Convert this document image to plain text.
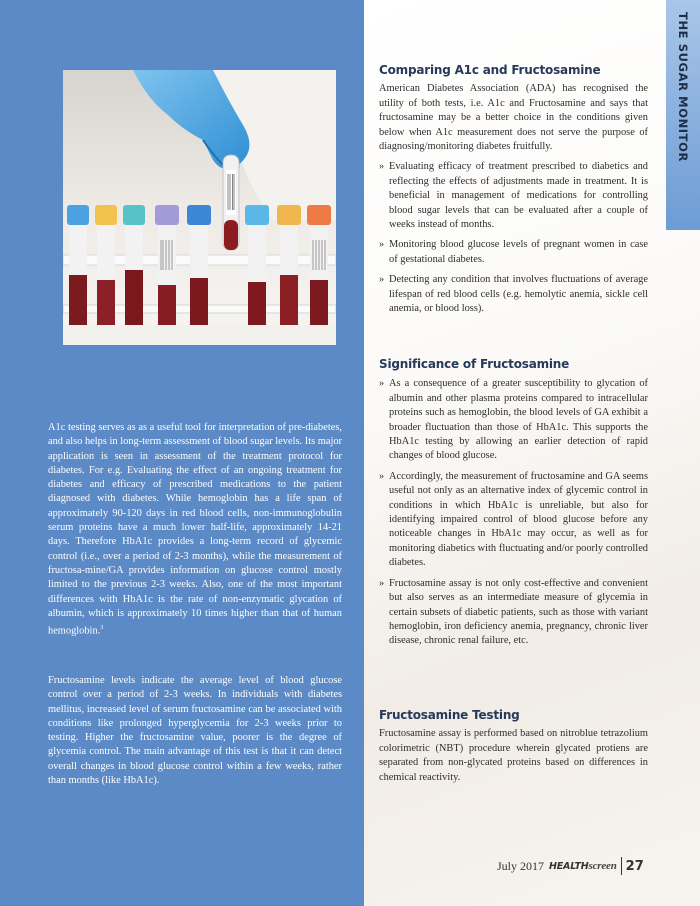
A1c testing serves as as a useful tool for interpretation of pre-diabetes, and also helps in long-term assessment of blood sugar levels. Its major application is seen in assessment of the treatment protocol for diabetes. For e.g. Evaluating the effect of an ongoing treatment for diabetes and efficacy of prescribed medications to the patient diagnosed with diabetes. While hemoglobin has a life span of approximately 90-120 days in red blood cells, non-immunoglobulin serum proteins have a much lower half-life, approximately 14-21 days. Therefore HbA1c provides a long-term record of glycemic control (i.e., over a period of 2-3 months), while the measurement of fructosa-mine/GA provides information on glucose control mostly limited to the previous 2-3 weeks. Also, one of the most important differences with HbA1c is the rate of non-enzymatic glycation of albumin, which is approximately 10 times higher than that of human hemoglobin.$^3$

Fructosamine levels indicate the average level of blood glucose control over a period of 2-3 weeks. In individuals with diabetes mellitus, increased level of serum fructosamine can be associated with conditions like prolonged hyperglycemia for 2-3 weeks prior to testing. Higher the fructosamine value, poorer is the degree of glycemia control. The main advantage of this test is that it can detect overall changes in blood glucose control within a few weeks, rather than months (like HbA1c).

THE SUGAR MONITOR
Comparing A1c and Fructosamine

American Diabetes Association (ADA) has recognised the utility of both tests, i.e. A1c and Fructosamine and says that fructosamine may be a better choice in the conditions given below when A1c measurement does not serve the purpose of diagnosing/monitoring diabetes fruitfully.

» Evaluating efficacy of treatment prescribed to diabetics and reflecting the effects of adjustments made in treatment. It is beneficial in management of medications for controlling blood sugar levels that can be evaluated after a couple of weeks instead of months.
» Monitoring blood glucose levels of pregnant women in case of gestational diabetes.
» Detecting any condition that involves fluctuations of average lifespan of red blood cells (e.g. hemolytic anemia, sickle cell anemia, or blood loss).
Significance of Fructosamine
» As a consequence of a greater susceptibility to glycation of albumin and other plasma proteins compared to intracellular proteins such as hemoglobin, the blood levels of GA exhibit a broader fluctuation than those of HbA1c. This supports the HbA1c testing by allowing an earlier detection of rapid changes of blood glucose.
» Accordingly, the measurement of fructosamine and GA seems useful not only as an alternative index of glycemic control in conditions in which HbA1c is unreliable, but also for identifying impaired control of blood glucose before any noticeable changes in HbA1c may occur, as well as for monitoring diabetics with fluctuating and/or poorly controlled diabetes.
» Fructosamine assay is not only cost-effective and convenient but also serves as an intermediate measure of glycemia in certain subsets of diabetic patients, such as those with variant hemoglobin, iron deficiency anemia, pregnancy, chronic liver disease, chronic renal failure, etc.
Fructosamine Testing

Fructosamine assay is performed based on nitroblue tetrazolium colorimetric (NBT) procedure wherein glycated protiens are separated from non-glycated proteins based on differences in chemical reactivity.

July 2017 HEALTHscreen 27
